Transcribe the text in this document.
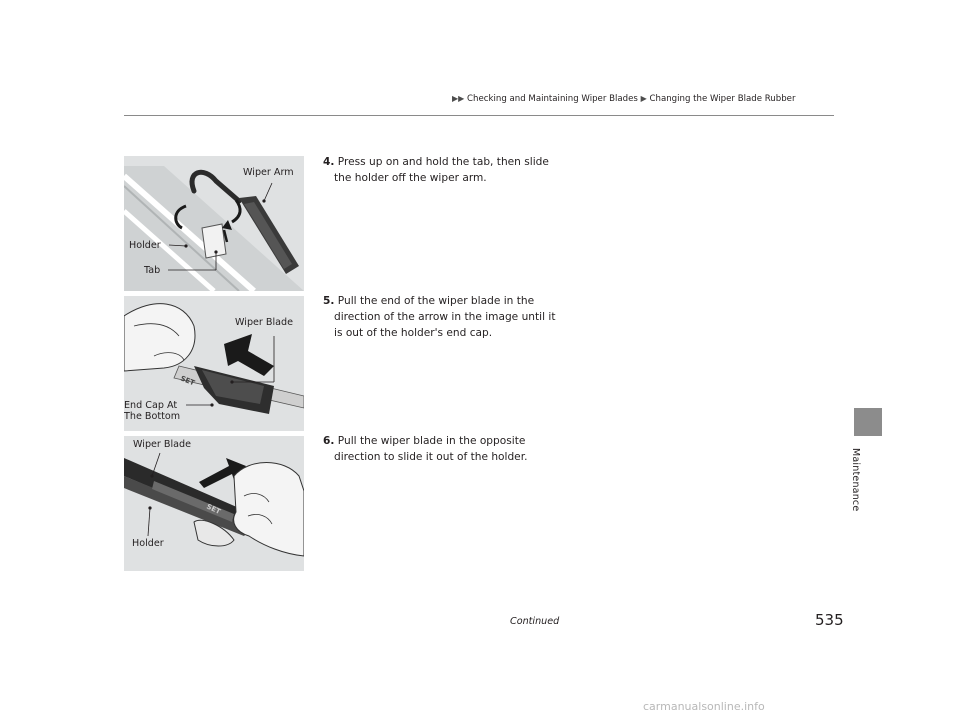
▶▶ Checking and Maintaining Wiper Blades ▶ Changing the Wiper Blade Rubber
Maintenance
Wiper Arm
Holder
Tab
SET
Wiper Blade
End Cap At
The Bottom
SET
Wiper Blade
Holder
4. Press up on and hold the tab, then slide the holder off the wiper arm.
5. Pull the end of the wiper blade in the direction of the arrow in the image until it is out of the holder's end cap.
6. Pull the wiper blade in the opposite direction to slide it out of the holder.
Continued	535
carmanualsonline.info
